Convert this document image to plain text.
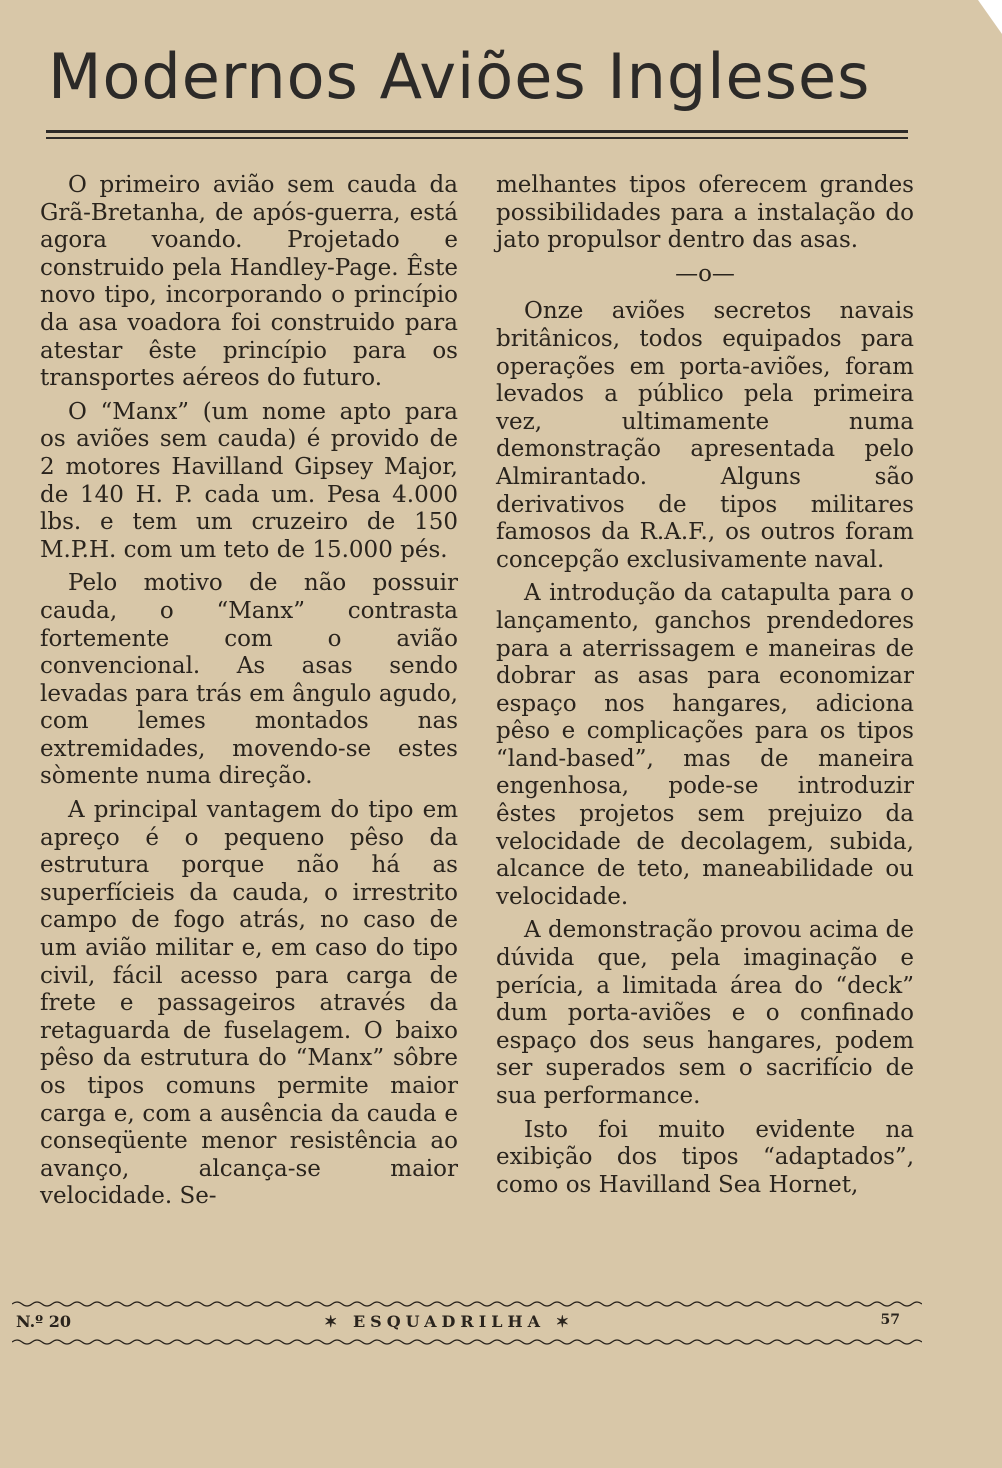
Modernos Aviões Ingleses

O primeiro avião sem cauda da Grã-Bretanha, de após-guerra, está agora voando. Projetado e construido pela Handley-Page. Êste novo tipo, incorporando o princípio da asa voadora foi construido para atestar êste princípio para os transportes aéreos do futuro.

O “Manx” (um nome apto para os aviões sem cauda) é provido de 2 motores Havilland Gipsey Major, de 140 H. P. cada um. Pesa 4.000 lbs. e tem um cruzeiro de 150 M.P.H. com um teto de 15.000 pés.

Pelo motivo de não possuir cauda, o “Manx” contrasta fortemente com o avião convencional. As asas sendo levadas para trás em ângulo agudo, com lemes montados nas extremidades, movendo-se estes sòmente numa direção.

A principal vantagem do tipo em apreço é o pequeno pêso da estrutura porque não há as superfícieis da cauda, o irrestrito campo de fogo atrás, no caso de um avião militar e, em caso do tipo civil, fácil acesso para carga de frete e passageiros através da retaguarda de fuselagem. O baixo pêso da estrutura do “Manx” sôbre os tipos comuns permite maior carga e, com a ausência da cauda e conseqüente menor resistência ao avanço, alcança-se maior velocidade. Se-

melhantes tipos oferecem grandes possibilidades para a instalação do jato propulsor dentro das asas.

—o—

Onze aviões secretos navais britânicos, todos equipados para operações em porta-aviões, foram levados a público pela primeira vez, ultimamente numa demonstração apresentada pelo Almirantado. Alguns são derivativos de tipos militares famosos da R.A.F., os outros foram concepção exclusivamente naval.

A introdução da catapulta para o lançamento, ganchos prendedores para a aterrissagem e maneiras de dobrar as asas para economizar espaço nos hangares, adiciona pêso e complicações para os tipos “land-based”, mas de maneira engenhosa, pode-se introduzir êstes projetos sem prejuizo da velocidade de decolagem, subida, alcance de teto, maneabilidade ou velocidade.

A demonstração provou acima de dúvida que, pela imaginação e perícia, a limitada área do “deck” dum porta-aviões e o confinado espaço dos seus hangares, podem ser superados sem o sacrifício de sua performance.

Isto foi muito evidente na exibição dos tipos “adaptados”, como os Havilland Sea Hornet,

N.º 20	✶ ESQUADRILHA ✶	57
